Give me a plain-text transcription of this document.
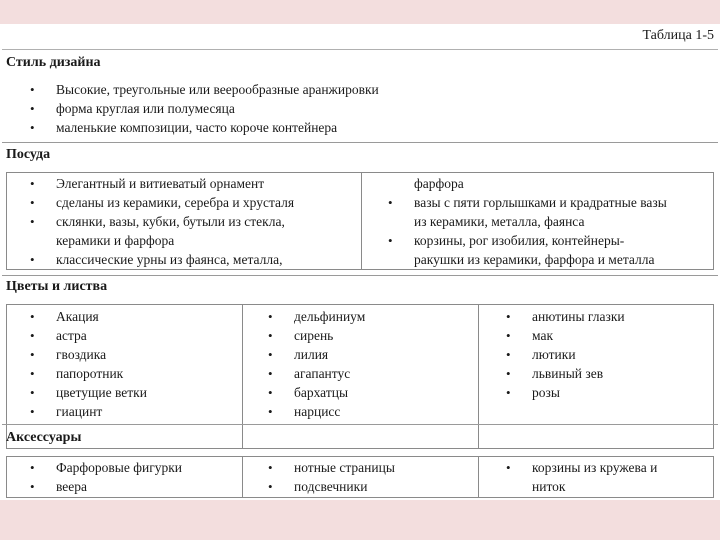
Таблица 1-5
Стиль дизайна
• Высокие, треугольные или веерообразные аранжировки
• форма круглая или полумесяца
• маленькие композиции, часто короче контейнера
Посуда
• Элегантный и витиеватый орнамент
• сделаны из керамики, серебра и хрусталя
• склянки, вазы, кубки, бутыли из стекла,
керамики и фарфора
• классические урны из фаянса, металла,
фарфора
• вазы с пяти горлышками и крадратные вазы
из керамики, металла, фаянса
• корзины, рог изобилия, контейнеры-
ракушки из керамики, фарфора и металла
Цветы и листва
• Акация
• астра
• гвоздика
• папоротник
• цветущие ветки
• гиацинт
• дельфиниум
• сирень
• лилия
• агапантус
• бархатцы
• нарцисс
• анютины глазки
• мак
• лютики
• львиный зев
• розы
Аксессуары
• Фарфоровые фигурки
• веера
• нотные страницы
• подсвечники
• корзины из кружева и
ниток
